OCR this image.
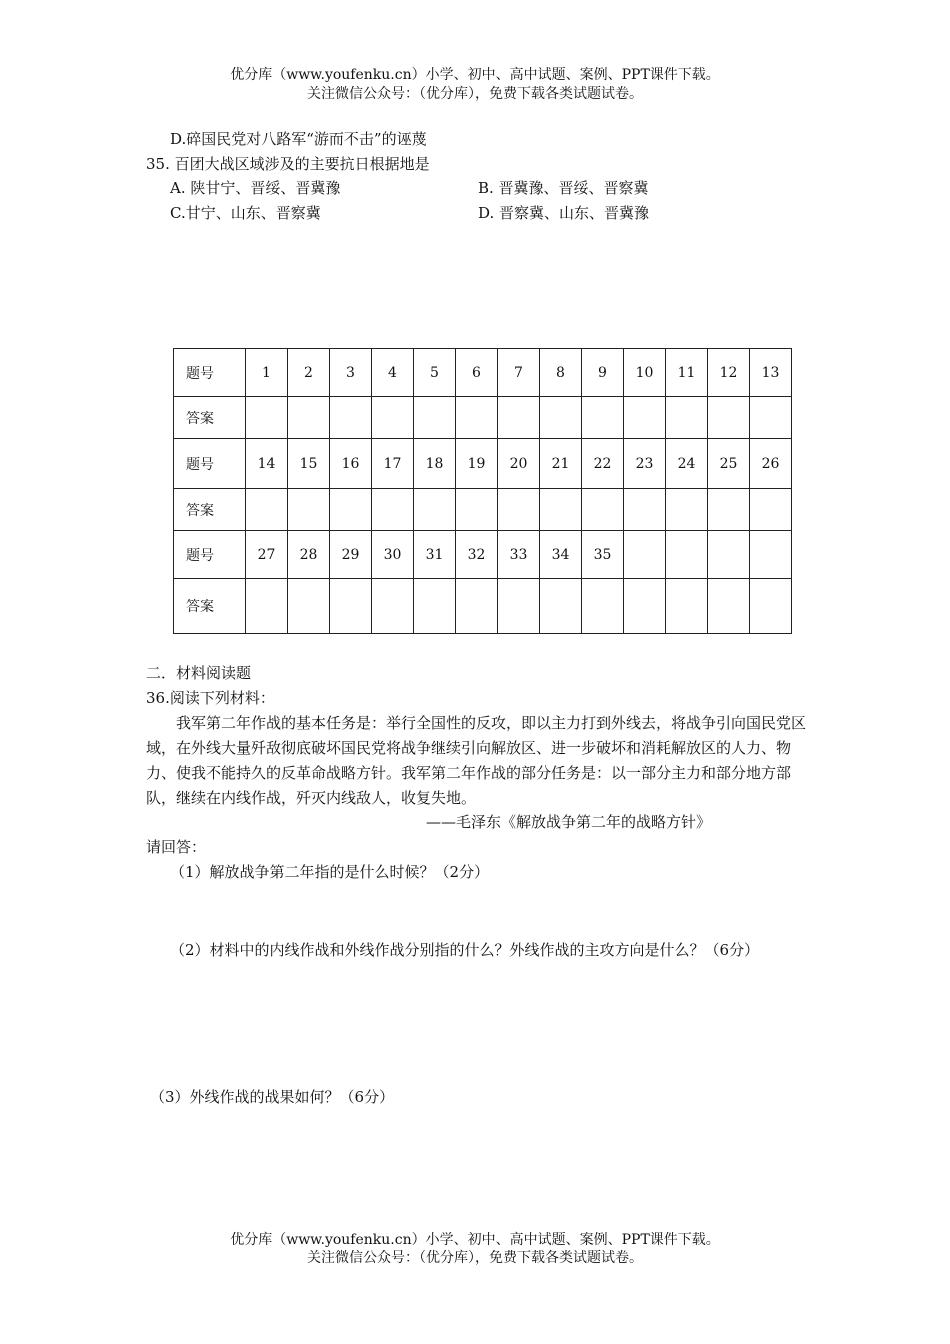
优分库（www.youfenku.cn）小学、初中、高中试题、案例、PPT课件下载。
关注微信公众号：（优分库），免费下载各类试题试卷。
D.碎国民党对八路军“游而不击”的诬蔑
35. 百团大战区域涉及的主要抗日根据地是
A. 陕甘宁、晋绥、晋冀豫	B. 晋冀豫、晋绥、晋察冀
C.甘宁、山东、晋察冀	D. 晋察冀、山东、晋冀豫
题号	1	2	3	4	5	6	7	8	9	10	11	12	13
答案													
题号	14	15	16	17	18	19	20	21	22	23	24	25	26
答案													
题号	27	28	29	30	31	32	33	34	35				
答案													
二．材料阅读题
36.阅读下列材料：
我军第二年作战的基本任务是：举行全国性的反攻，即以主力打到外线去，将战争引向国民党区域，在外线大量歼敌彻底破坏国民党将战争继续引向解放区、进一步破坏和消耗解放区的人力、物力、使我不能持久的反革命战略方针。我军第二年作战的部分任务是：以一部分主力和部分地方部队，继续在内线作战，歼灭内线敌人，收复失地。
——毛泽东《解放战争第二年的战略方针》
请回答：
（1）解放战争第二年指的是什么时候？（2分）
（2）材料中的内线作战和外线作战分别指的什么？外线作战的主攻方向是什么？（6分）
（3）外线作战的战果如何？（6分）
优分库（www.youfenku.cn）小学、初中、高中试题、案例、PPT课件下载。
关注微信公众号：（优分库），免费下载各类试题试卷。
